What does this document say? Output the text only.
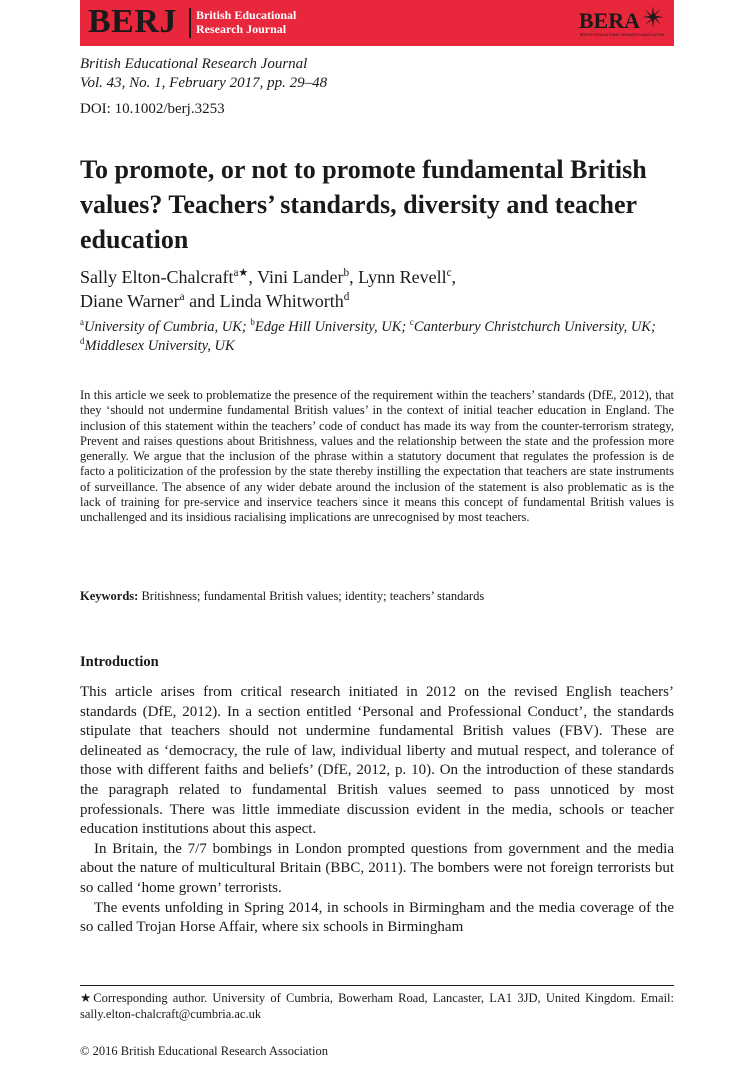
BERJ British Educational
Research Journal	BERA
BRITISH EDUCATIONAL RESEARCH ASSOCIATION
British Educational Research Journal
Vol. 43, No. 1, February 2017, pp. 29–48
DOI: 10.1002/berj.3253
To promote, or not to promote fundamental British values? Teachers’ standards, diversity and teacher education
Sally Elton-Chalcraft$^{a★}$, Vini Lander$^b$, Lynn Revell$^c$,
Diane Warner$^a$ and Linda Whitworth$^d$
$^a$University of Cumbria, UK; $^b$Edge Hill University, UK; $^c$Canterbury Christchurch University, UK; $^d$Middlesex University, UK
In this article we seek to problematize the presence of the requirement within the teachers’ standards (DfE, 2012), that they ‘should not undermine fundamental British values’ in the context of initial teacher education in England. The inclusion of this statement within the teachers’ code of conduct has made its way from the counter-terrorism strategy, Prevent and raises questions about Britishness, values and the relationship between the state and the profession more generally. We argue that the inclusion of the phrase within a statutory document that regulates the profession is de facto a politicization of the profession by the state thereby instilling the expectation that teachers are state instruments of surveillance. The absence of any wider debate around the inclusion of the statement is also problematic as is the lack of training for pre-service and inservice teachers since it means this concept of fundamental British values is unchallenged and its insidious racialising implications are unrecognised by most teachers.
Keywords: Britishness; fundamental British values; identity; teachers’ standards
Introduction

This article arises from critical research initiated in 2012 on the revised English teachers’ standards (DfE, 2012). In a section entitled ‘Personal and Professional Conduct’, the standards stipulate that teachers should not undermine fundamental British values (FBV). These are delineated as ‘democracy, the rule of law, individual liberty and mutual respect, and tolerance of those with different faiths and beliefs’ (DfE, 2012, p. 10). On the introduction of these standards the paragraph related to fundamental British values seemed to pass unnoticed by most professionals. There was little immediate discussion evident in the media, schools or teacher education institutions about this aspect.

In Britain, the 7/7 bombings in London prompted questions from government and the media about the nature of multicultural Britain (BBC, 2011). The bombers were not foreign terrorists but so called ‘home grown’ terrorists.

The events unfolding in Spring 2014, in schools in Birmingham and the media coverage of the so called Trojan Horse Affair, where six schools in Birmingham

★Corresponding author. University of Cumbria, Bowerham Road, Lancaster, LA1 3JD, United Kingdom. Email: sally.elton-chalcraft@cumbria.ac.uk
© 2016 British Educational Research Association
